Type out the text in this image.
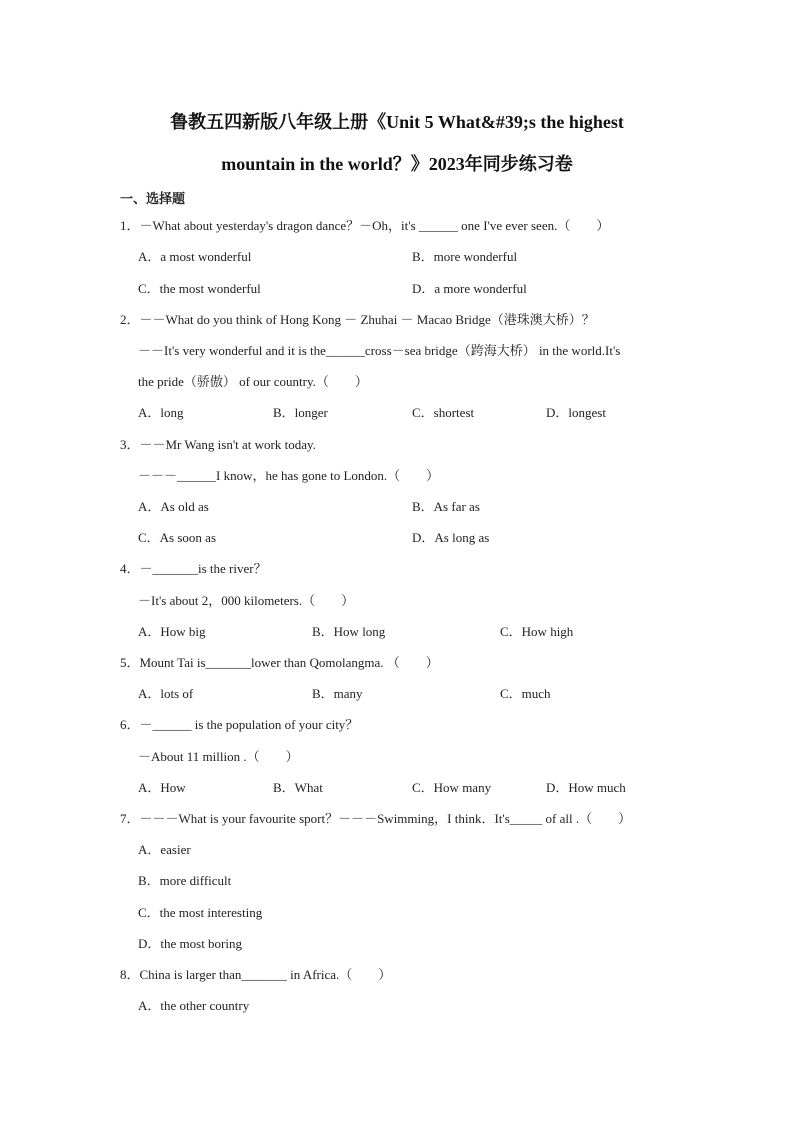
鲁教五四新版八年级上册《Unit 5 What&#39;s the highest
mountain in the world？》2023年同步练习卷
一、选择题
1．－What about yesterday's dragon dance？－Oh，it's ______ one I've ever seen.（　　）
A．a most wonderful	B．more wonderful
C．the most wonderful	D．a more wonderful
2．－－What do you think of Hong Kong － Zhuhai － Macao Bridge（港珠澳大桥）？
－－It's very wonderful and it is the______cross－sea bridge（跨海大桥） in the world.It's
the pride（骄傲） of our country.（　　）
A．long	B．longer	C．shortest	D．longest
3．－－Mr Wang isn't at work today.
－－－______I know，he has gone to London.（　　）
A．As old as	B．As far as
C．As soon as	D．As long as
4．－_______is the river？
－It's about 2，000 kilometers.（　　）
A．How big	B．How long	C．How high
5．Mount Tai is_______lower than Qomolangma. （　　）
A．lots of	B．many	C．much
6．－______ is the population of your city？
－About 11 million .（　　）
A．How	B．What	C．How many	D．How much
7．－－－What is your favourite sport？－－－Swimming，I think．It's_____ of all .（　　）
A．easier
B．more difficult
C．the most interesting
D．the most boring
8．China is larger than_______ in Africa.（　　）
A．the other country
